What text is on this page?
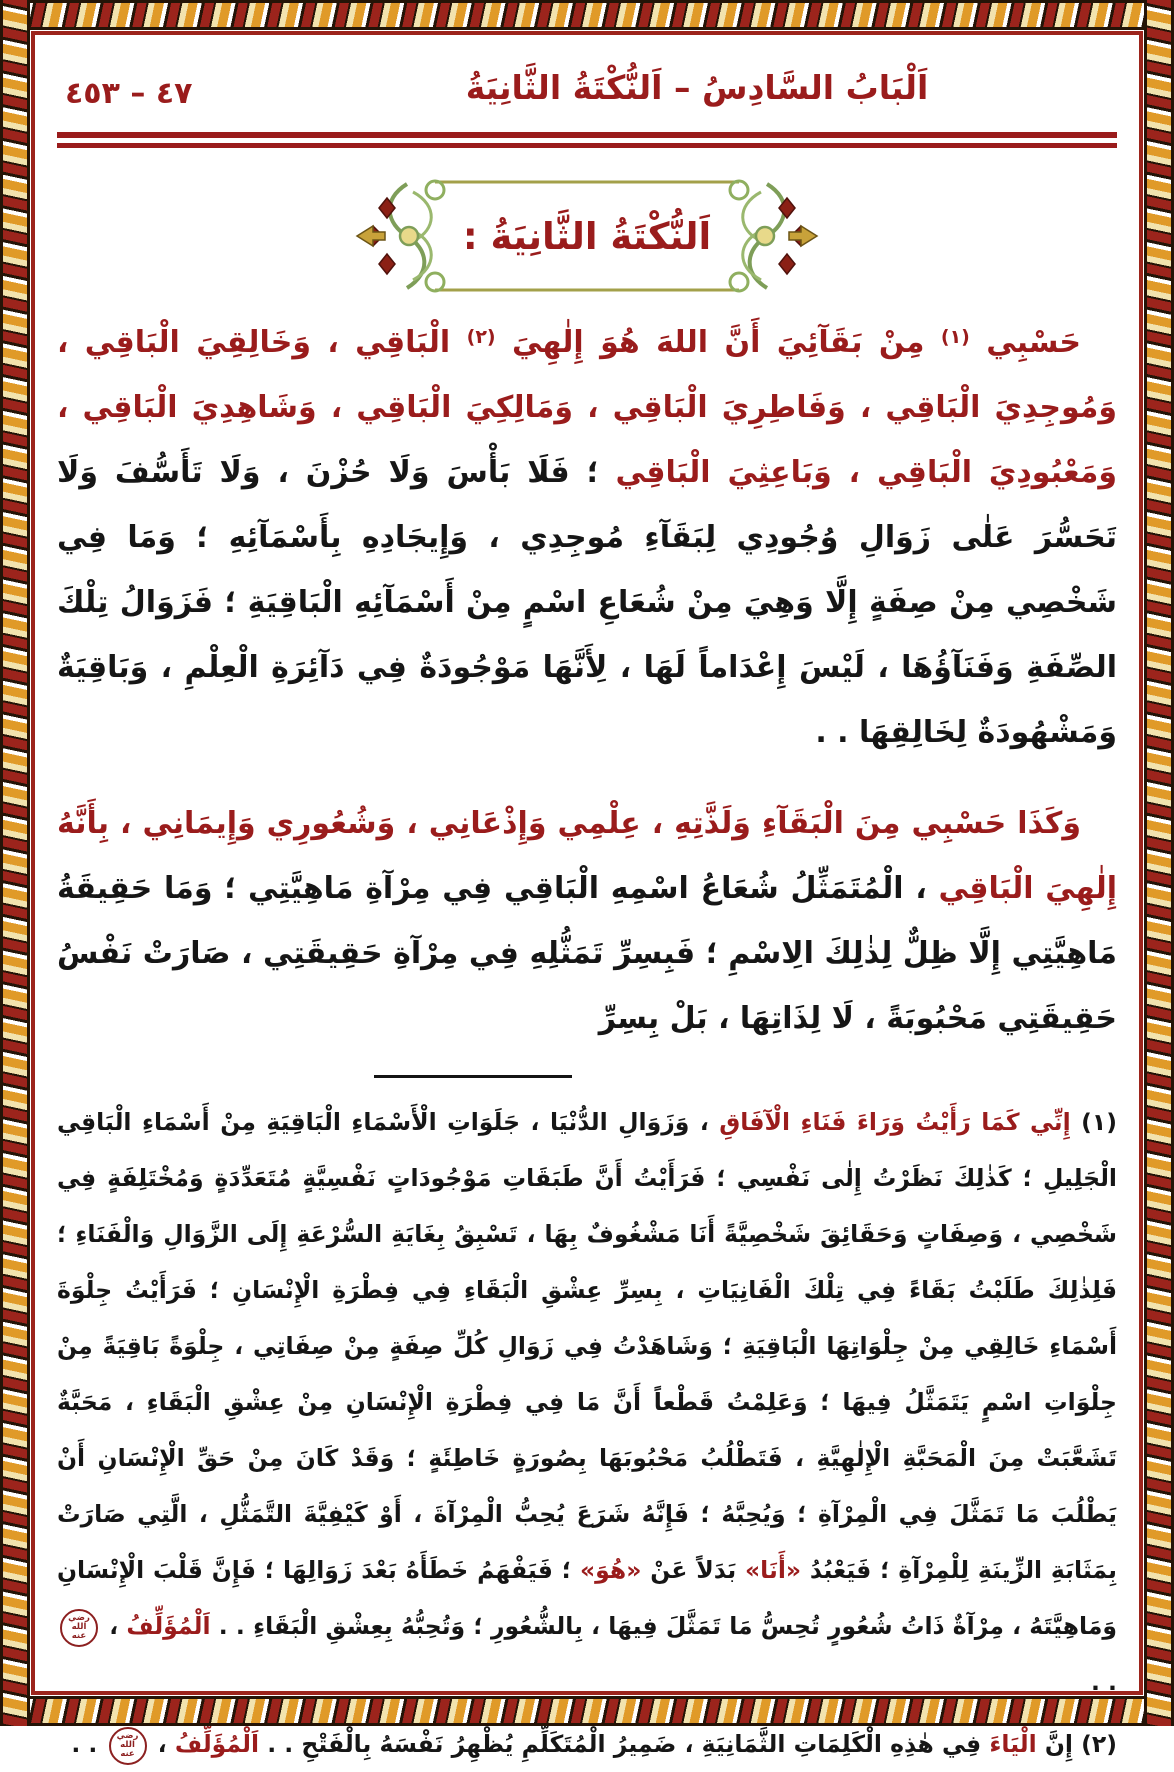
٤٧ – ٤٥٣	اَلْبَابُ السَّادِسُ – اَلنُّكْتَةُ الثَّانِيَةُ
اَلنُّكْتَةُ الثَّانِيَةُ :

حَسْبِي $^{(١)}$ مِنْ بَقَآئِيَ أَنَّ اللهَ هُوَ إِلٰهِيَ $^{(٢)}$ الْبَاقِي ، وَخَالِقِيَ الْبَاقِي ، وَمُوجِدِيَ الْبَاقِي ، وَفَاطِرِيَ الْبَاقِي ، وَمَالِكِيَ الْبَاقِي ، وَشَاهِدِيَ الْبَاقِي ، وَمَعْبُودِيَ الْبَاقِي ، وَبَاعِثِيَ الْبَاقِي ؛ فَلَا بَأْسَ وَلَا حُزْنَ ، وَلَا تَأَسُّفَ وَلَا تَحَسُّرَ عَلٰى زَوَالِ وُجُودِي لِبَقَآءِ مُوجِدِي ، وَإِيجَادِهِ بِأَسْمَآئِهِ ؛ وَمَا فِي شَخْصِي مِنْ صِفَةٍ إِلَّا وَهِيَ مِنْ شُعَاعِ اسْمٍ مِنْ أَسْمَآئِهِ الْبَاقِيَةِ ؛ فَزَوَالُ تِلْكَ الصِّفَةِ وَفَنَآؤُهَا ، لَيْسَ إِعْدَاماً لَهَا ، لِأَنَّهَا مَوْجُودَةٌ فِي دَآئِرَةِ الْعِلْمِ ، وَبَاقِيَةٌ وَمَشْهُودَةٌ لِخَالِقِهَا . .

وَكَذَا حَسْبِي مِنَ الْبَقَآءِ وَلَذَّتِهِ ، عِلْمِي وَإِذْعَانِي ، وَشُعُورِي وَإِيمَانِي ، بِأَنَّهُ إِلٰهِيَ الْبَاقِي ، الْمُتَمَثِّلُ شُعَاعُ اسْمِهِ الْبَاقِي فِي مِرْآةِ مَاهِيَّتِي ؛ وَمَا حَقِيقَةُ مَاهِيَّتِي إِلَّا ظِلٌّ لِذٰلِكَ الِاسْمِ ؛ فَبِسِرِّ تَمَثُّلِهِ فِي مِرْآةِ حَقِيقَتِي ، صَارَتْ نَفْسُ حَقِيقَتِي مَحْبُوبَةً ، لَا لِذَاتِهَا ، بَلْ بِسِرِّ

(١) إِنِّي كَمَا رَأَيْتُ وَرَاءَ فَنَاءِ الْآفَاقِ ، وَزَوَالِ الدُّنْيَا ، جَلَوَاتِ الْأَسْمَاءِ الْبَاقِيَةِ مِنْ أَسْمَاءِ الْبَاقِي الْجَلِيلِ ؛ كَذٰلِكَ نَظَرْتُ إِلٰى نَفْسِي ؛ فَرَأَيْتُ أَنَّ طَبَقَاتِ مَوْجُودَاتٍ نَفْسِيَّةٍ مُتَعَدِّدَةٍ وَمُخْتَلِفَةٍ فِي شَخْصِي ، وَصِفَاتٍ وَحَقَائِقَ شَخْصِيَّةً أَنَا مَشْغُوفٌ بِهَا ، تَسْبِقُ بِغَايَةِ السُّرْعَةِ إِلَى الزَّوَالِ وَالْفَنَاءِ ؛ فَلِذٰلِكَ طَلَبْتُ بَقَاءً فِي تِلْكَ الْفَانِيَاتِ ، بِسِرِّ عِشْقِ الْبَقَاءِ فِي فِطْرَةِ الْإِنْسَانِ ؛ فَرَأَيْتُ جِلْوَةَ أَسْمَاءِ خَالِقِي مِنْ جِلْوَاتِهَا الْبَاقِيَةِ ؛ وَشَاهَدْتُ فِي زَوَالِ كُلِّ صِفَةٍ مِنْ صِفَاتِي ، جِلْوَةً بَاقِيَةً مِنْ جِلْوَاتِ اسْمٍ يَتَمَثَّلُ فِيهَا ؛ وَعَلِمْتُ قَطْعاً أَنَّ مَا فِي فِطْرَةِ الْإِنْسَانِ مِنْ عِشْقِ الْبَقَاءِ ، مَحَبَّةٌ تَشَعَّبَتْ مِنَ الْمَحَبَّةِ الْإِلٰهِيَّةِ ، فَتَطْلُبُ مَحْبُوبَهَا بِصُورَةٍ خَاطِئَةٍ ؛ وَقَدْ كَانَ مِنْ حَقِّ الْإِنْسَانِ أَنْ يَطْلُبَ مَا تَمَثَّلَ فِي الْمِرْآةِ ؛ وَيُحِبَّهُ ؛ فَإِنَّهُ شَرَعَ يُحِبُّ الْمِرْآةَ ، أَوْ كَيْفِيَّةَ التَّمَثُّلِ ، الَّتِي صَارَتْ بِمَثَابَةِ الزِّينَةِ لِلْمِرْآةِ ؛ فَيَعْبُدُ «أَنَا» بَدَلاً عَنْ «هُوَ» ؛ فَيَفْهَمُ خَطَأَهُ بَعْدَ زَوَالِهَا ؛ فَإِنَّ قَلْبَ الْإِنْسَانِ وَمَاهِيَّتَهُ ، مِرْآةٌ ذَاتُ شُعُورٍ تُحِسُّ مَا تَمَثَّلَ فِيهَا ، بِالشُّعُورِ ؛ وَتُحِبُّهُ بِعِشْقِ الْبَقَاءِ . . اَلْمُؤَلِّفُ ، رضي الله عنه . .

(٢) إِنَّ الْيَاءَ فِي هٰذِهِ الْكَلِمَاتِ الثَّمَانِيَةِ ، ضَمِيرُ الْمُتَكَلِّمِ يُظْهِرُ نَفْسَهُ بِالْفَتْحِ . . اَلْمُؤَلِّفُ ، رضي الله عنه . .
